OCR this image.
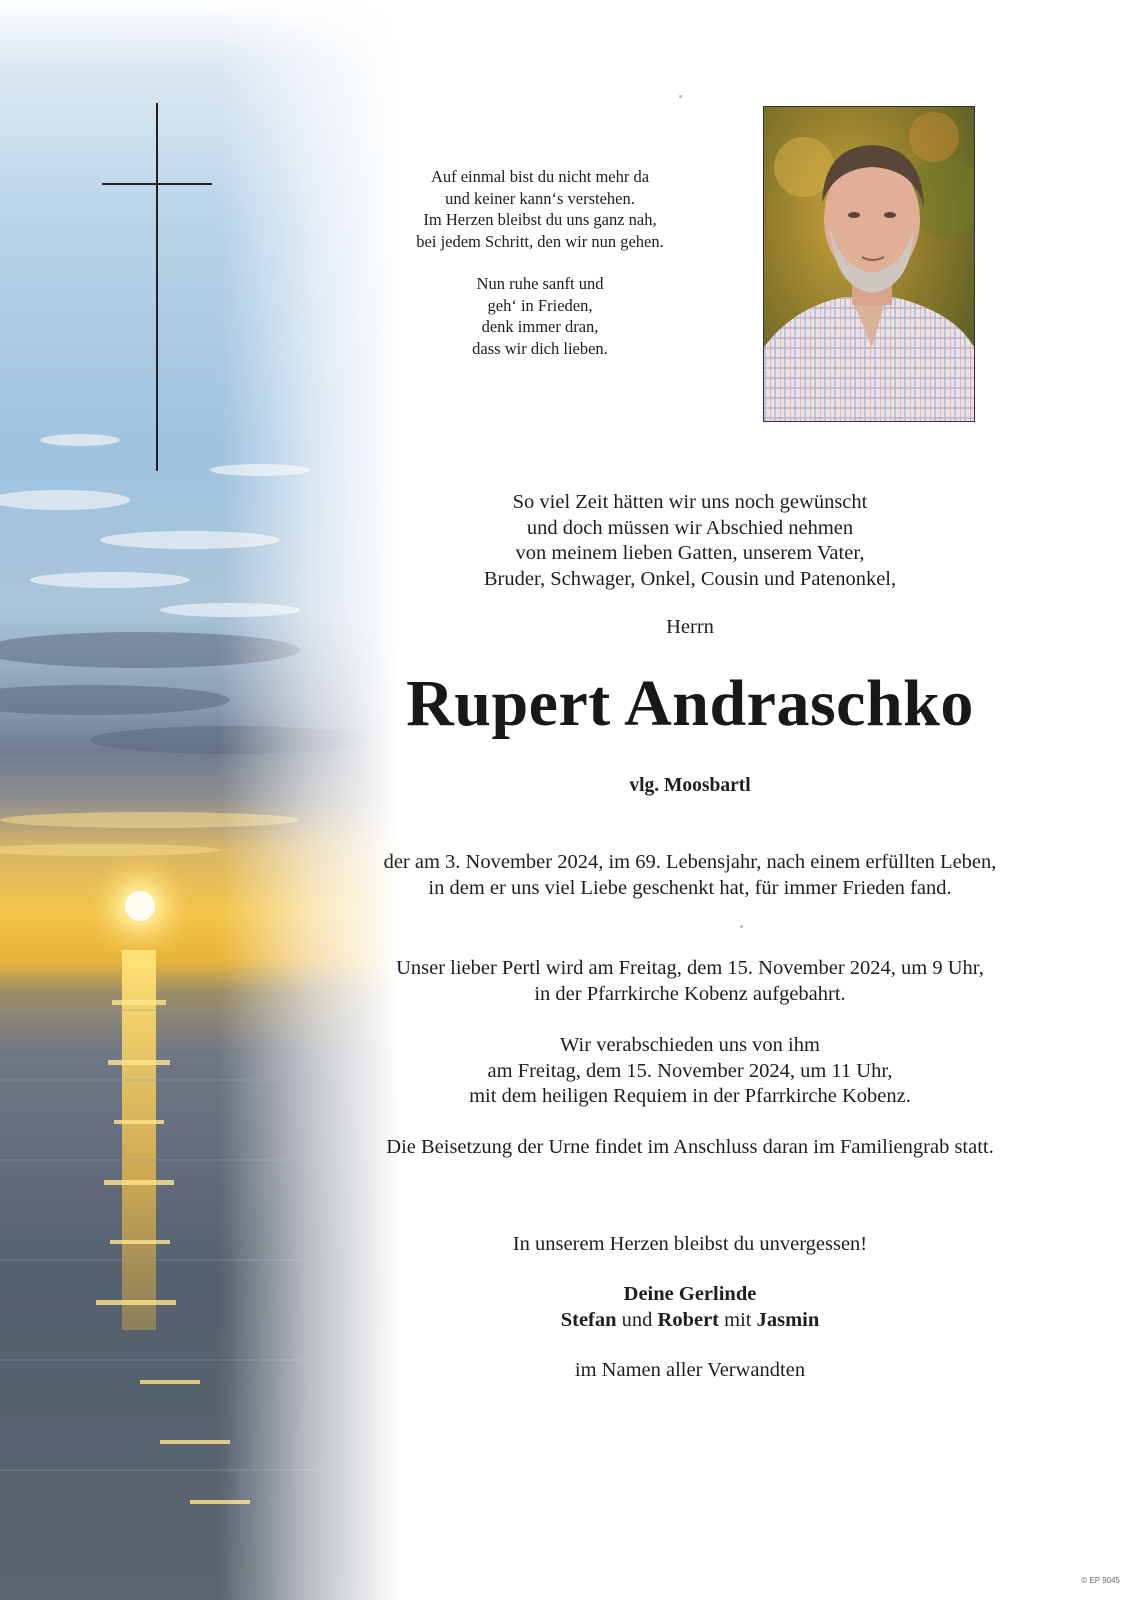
Auf einmal bist du nicht mehr da
und keiner kann‘s verstehen.
Im Herzen bleibst du uns ganz nah,
bei jedem Schritt, den wir nun gehen.
Nun ruhe sanft und
geh‘ in Frieden,
denk immer dran,
dass wir dich lieben.
So viel Zeit hätten wir uns noch gewünscht
und doch müssen wir Abschied nehmen
von meinem lieben Gatten, unserem Vater,
Bruder, Schwager, Onkel, Cousin und Patenonkel,
Herrn
Rupert Andraschko
vlg. Moosbartl
der am 3. November 2024, im 69. Lebensjahr, nach einem erfüllten Leben,
in dem er uns viel Liebe geschenkt hat, für immer Frieden fand.
Unser lieber Pertl wird am Freitag, dem 15. November 2024, um 9 Uhr,
in der Pfarrkirche Kobenz aufgebahrt.
Wir verabschieden uns von ihm
am Freitag, dem 15. November 2024, um 11 Uhr,
mit dem heiligen Requiem in der Pfarrkirche Kobenz.
Die Beisetzung der Urne findet im Anschluss daran im Familiengrab statt.
In unserem Herzen bleibst du unvergessen!
Deine Gerlinde
Stefan und Robert mit Jasmin
im Namen aller Verwandten
© EP 9045
